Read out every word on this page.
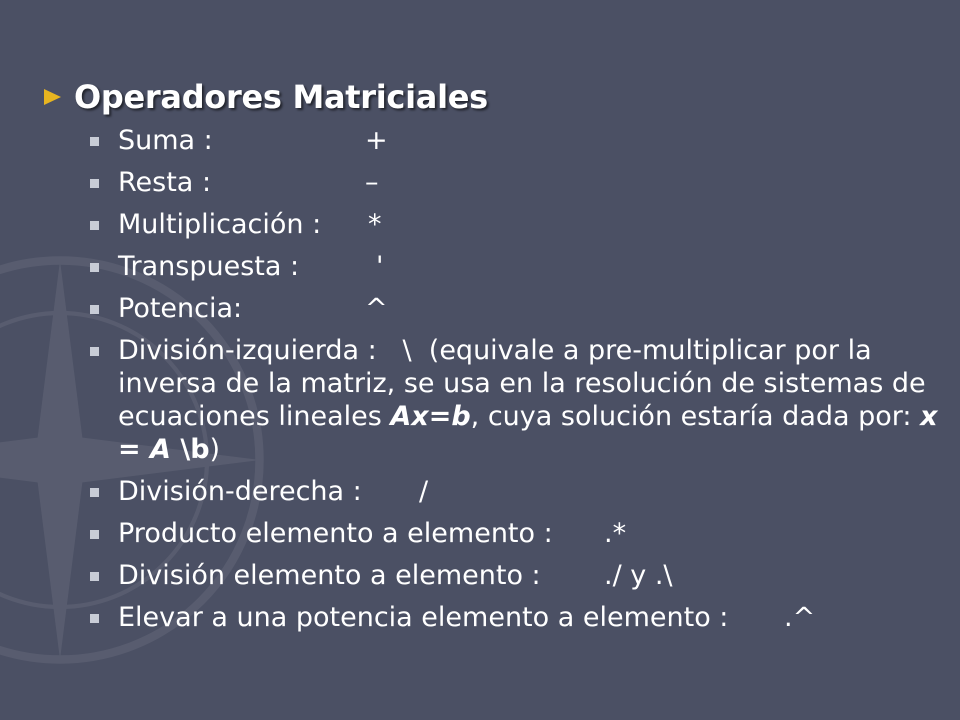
Operadores Matriciales
Suma :	+
Resta :	–
Multiplicación : *
Transpuesta :	'
Potencia:	^
División-izquierda : \ (equivale a pre-multiplicar por la inversa de la matriz, se usa en la resolución de sistemas de ecuaciones lineales Ax=b, cuya solución estaría dada por: x = A \b)
División-derecha : /
Producto elemento a elemento : .*
División elemento a elemento : ./ y .\
Elevar a una potencia elemento a elemento : .^
